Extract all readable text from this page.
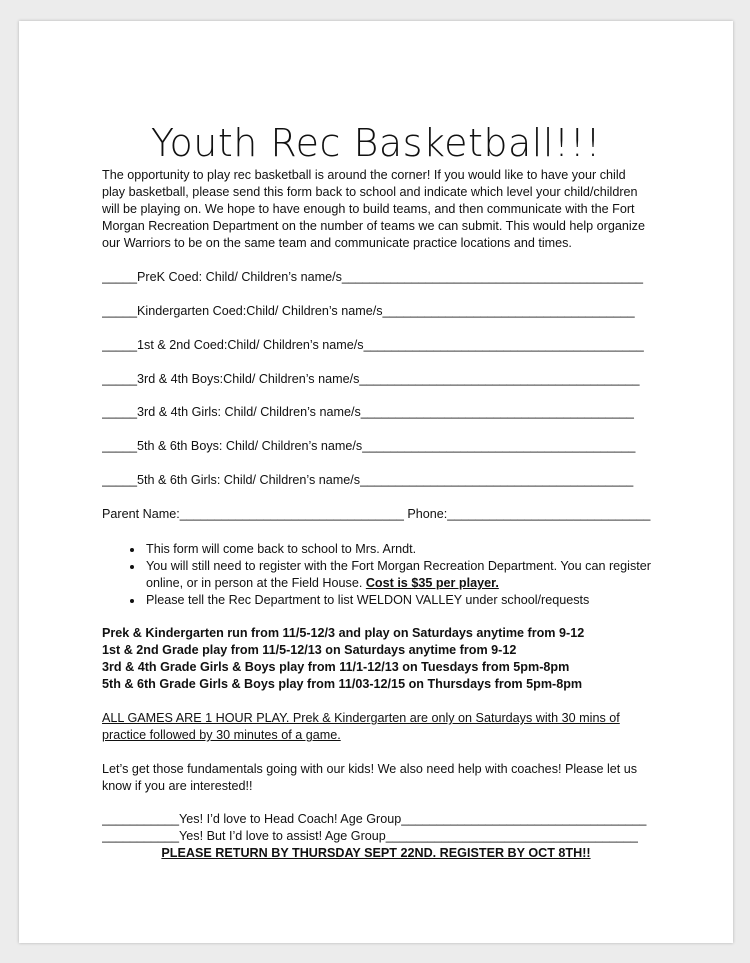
Youth Rec Basketball!!!
The opportunity to play rec basketball is around the corner! If you would like to have your child play basketball, please send this form back to school and indicate which level your child/children will be playing on. We hope to have enough to build teams, and then communicate with the Fort Morgan Recreation Department on the number of teams we can submit. This would help organize our Warriors to be on the same team and communicate practice locations and times.
_____PreK Coed: Child/ Children’s name/s___________________________________________
_____Kindergarten Coed:Child/ Children’s name/s____________________________________
_____1st & 2nd Coed:Child/ Children’s name/s________________________________________
_____3rd & 4th Boys:Child/ Children’s name/s________________________________________
_____3rd & 4th Girls: Child/ Children’s name/s_______________________________________
_____5th & 6th Boys: Child/ Children’s name/s_______________________________________
_____5th & 6th Girls: Child/ Children’s name/s_______________________________________
Parent Name:________________________________ Phone:_____________________________
• This form will come back to school to Mrs. Arndt.
• You will still need to register with the Fort Morgan Recreation Department. You can register online, or in person at the Field House. Cost is $35 per player.
• Please tell the Rec Department to list WELDON VALLEY under school/requests
Prek & Kindergarten run from 11/5-12/3 and play on Saturdays anytime from 9-12
1st & 2nd Grade play from 11/5-12/13 on Saturdays anytime from 9-12
3rd & 4th Grade Girls & Boys play from 11/1-12/13 on Tuesdays from 5pm-8pm
5th & 6th Grade Girls & Boys play from 11/03-12/15 on Thursdays from 5pm-8pm
ALL GAMES ARE 1 HOUR PLAY. Prek & Kindergarten are only on Saturdays with 30 mins of practice followed by 30 minutes of a game.
Let’s get those fundamentals going with our kids! We also need help with coaches! Please let us know if you are interested!!
___________Yes! I’d love to Head Coach! Age Group___________________________________
___________Yes! But I’d love to assist! Age Group____________________________________
PLEASE RETURN BY THURSDAY SEPT 22ND. REGISTER BY OCT 8TH!!
